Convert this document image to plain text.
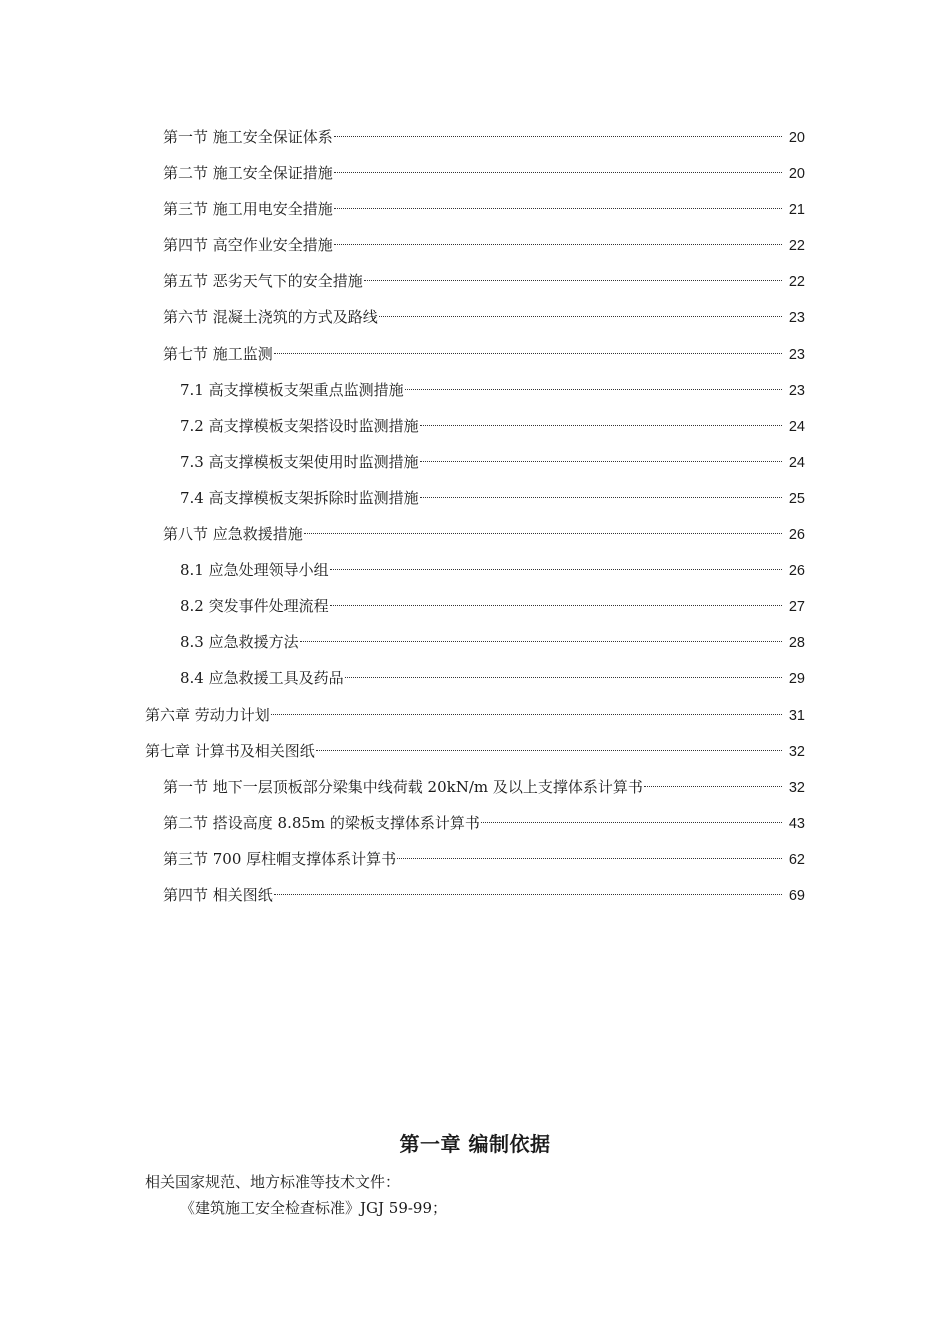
第一节 施工安全保证体系	20
第二节 施工安全保证措施	20
第三节 施工用电安全措施	21
第四节 高空作业安全措施	22
第五节 恶劣天气下的安全措施	22
第六节 混凝土浇筑的方式及路线	23
第七节 施工监测	23
7.1 高支撑模板支架重点监测措施	23
7.2 高支撑模板支架搭设时监测措施	24
7.3 高支撑模板支架使用时监测措施	24
7.4 高支撑模板支架拆除时监测措施	25
第八节 应急救援措施	26
8.1 应急处理领导小组	26
8.2 突发事件处理流程	27
8.3 应急救援方法	28
8.4 应急救援工具及药品	29
第六章 劳动力计划	31
第七章 计算书及相关图纸	32
第一节 地下一层顶板部分梁集中线荷载 20kN/m 及以上支撑体系计算书	32
第二节 搭设高度 8.85m 的梁板支撑体系计算书	43
第三节 700 厚柱帽支撑体系计算书	62
第四节 相关图纸	69
第一章 编制依据
相关国家规范、地方标准等技术文件：
《建筑施工安全检查标准》JGJ 59-99；
